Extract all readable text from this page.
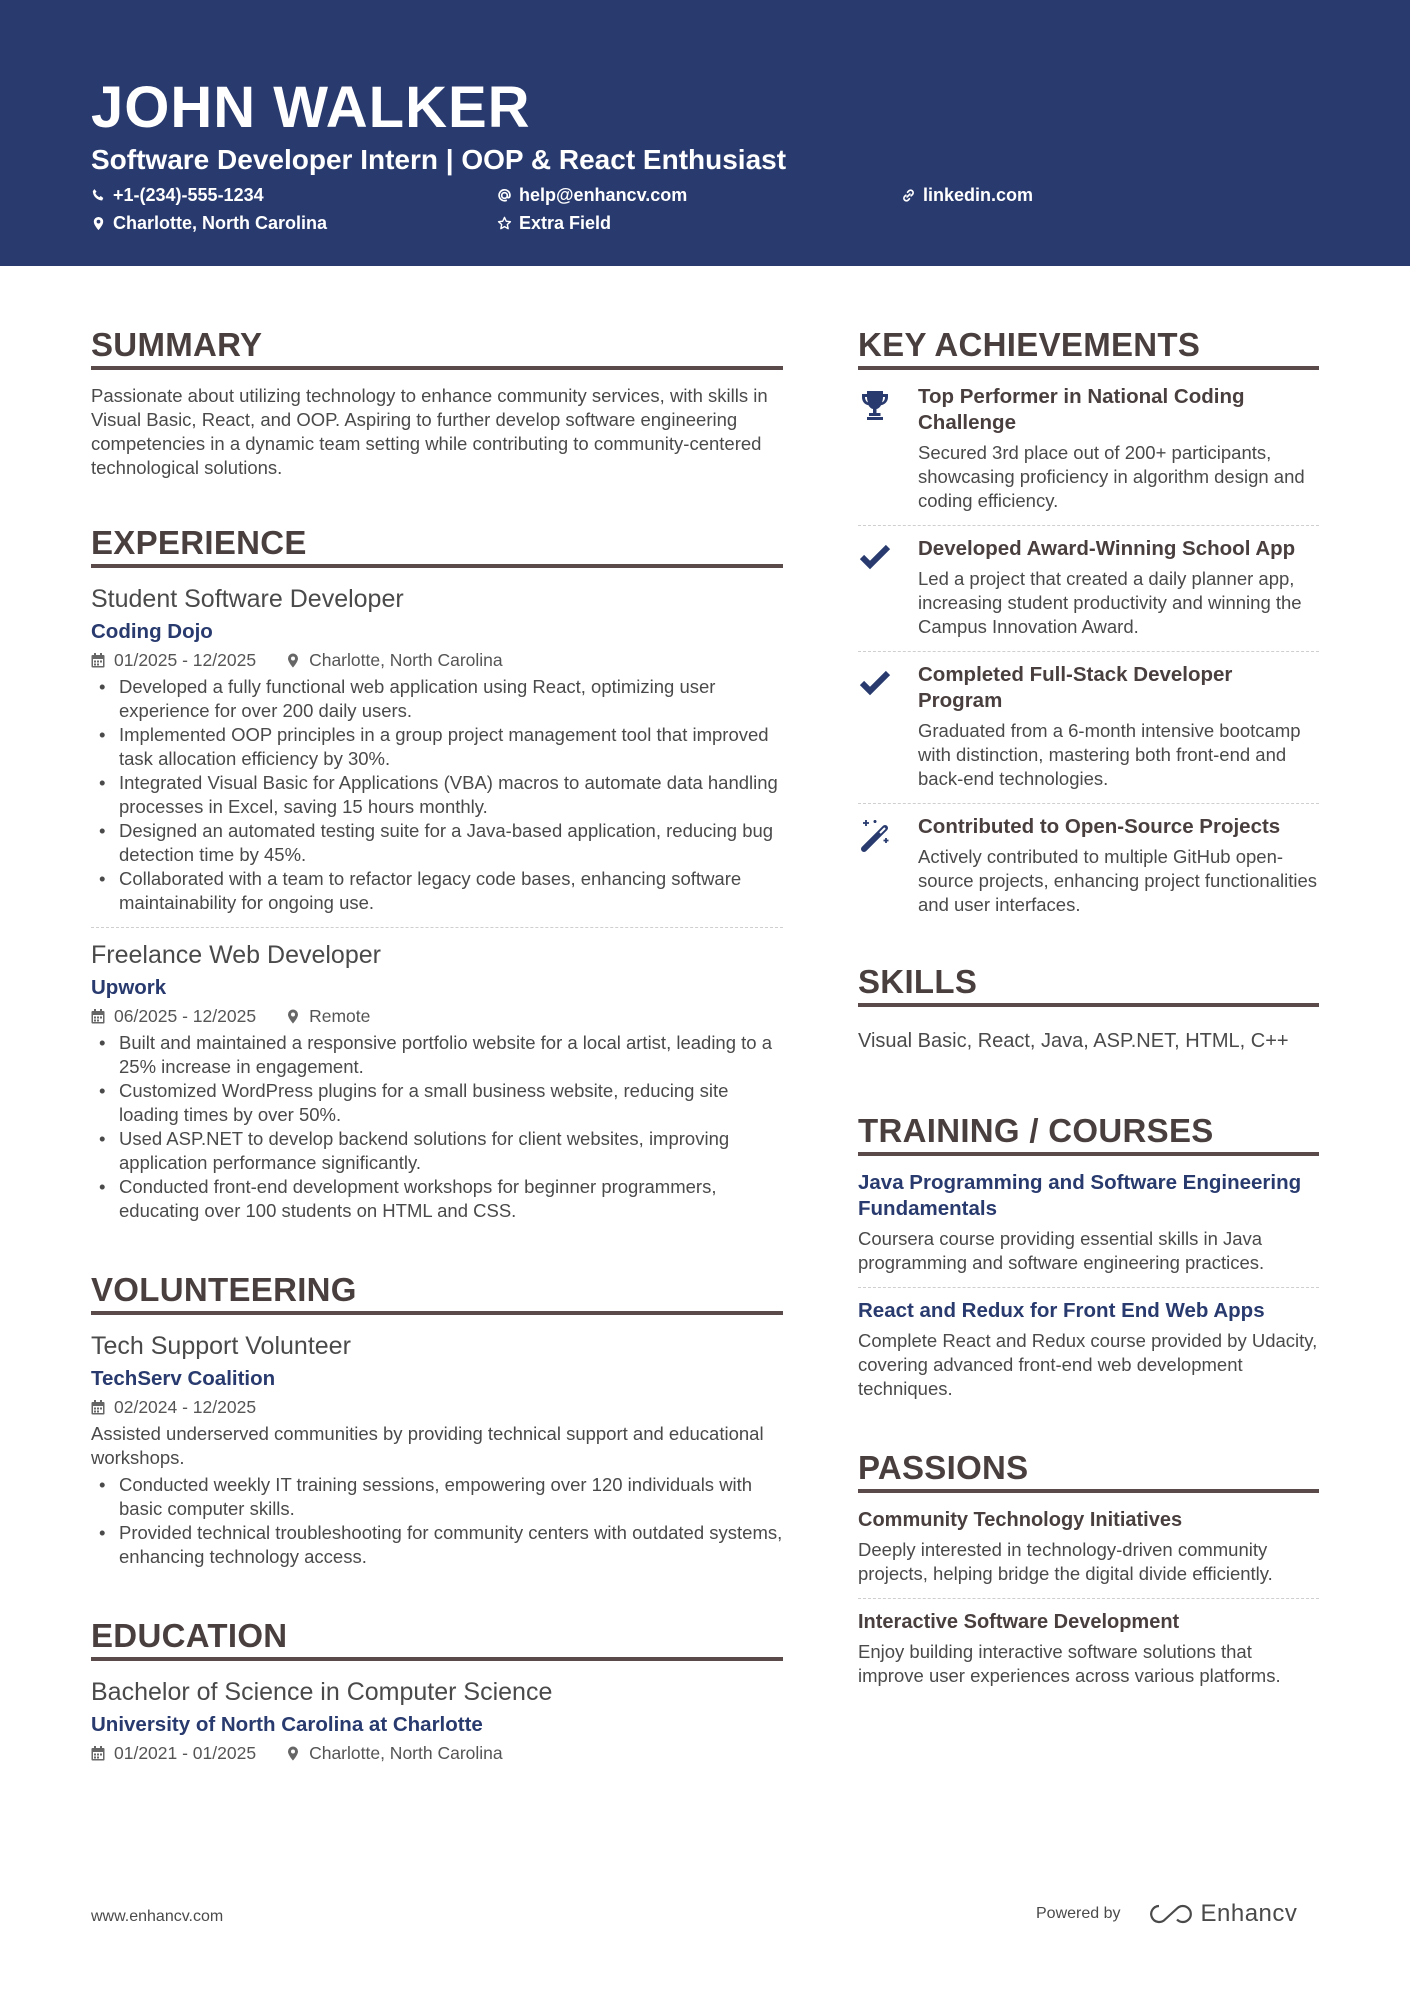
JOHN WALKER
Software Developer Intern | OOP & React Enthusiast
+1-(234)-555-1234	help@enhancv.com	linkedin.com
Charlotte, North Carolina	Extra Field
SUMMARY
Passionate about utilizing technology to enhance community services, with skills in Visual Basic, React, and OOP. Aspiring to further develop software engineering competencies in a dynamic team setting while contributing to community-centered technological solutions.
EXPERIENCE
Student Software Developer
Coding Dojo
01/2025 - 12/2025	Charlotte, North Carolina
• Developed a fully functional web application using React, optimizing user experience for over 200 daily users.
• Implemented OOP principles in a group project management tool that improved task allocation efficiency by 30%.
• Integrated Visual Basic for Applications (VBA) macros to automate data handling processes in Excel, saving 15 hours monthly.
• Designed an automated testing suite for a Java-based application, reducing bug detection time by 45%.
• Collaborated with a team to refactor legacy code bases, enhancing software maintainability for ongoing use.
Freelance Web Developer
Upwork
06/2025 - 12/2025	Remote
• Built and maintained a responsive portfolio website for a local artist, leading to a 25% increase in engagement.
• Customized WordPress plugins for a small business website, reducing site loading times by over 50%.
• Used ASP.NET to develop backend solutions for client websites, improving application performance significantly.
• Conducted front-end development workshops for beginner programmers, educating over 100 students on HTML and CSS.
VOLUNTEERING
Tech Support Volunteer
TechServ Coalition
02/2024 - 12/2025
Assisted underserved communities by providing technical support and educational workshops.
• Conducted weekly IT training sessions, empowering over 120 individuals with basic computer skills.
• Provided technical troubleshooting for community centers with outdated systems, enhancing technology access.
EDUCATION
Bachelor of Science in Computer Science
University of North Carolina at Charlotte
01/2021 - 01/2025	Charlotte, North Carolina
KEY ACHIEVEMENTS
Top Performer in National Coding Challenge
Secured 3rd place out of 200+ participants, showcasing proficiency in algorithm design and coding efficiency.
Developed Award-Winning School App
Led a project that created a daily planner app, increasing student productivity and winning the Campus Innovation Award.
Completed Full-Stack Developer Program
Graduated from a 6-month intensive bootcamp with distinction, mastering both front-end and back-end technologies.
Contributed to Open-Source Projects
Actively contributed to multiple GitHub open-source projects, enhancing project functionalities and user interfaces.
SKILLS
Visual Basic, React, Java, ASP.NET, HTML, C++
TRAINING / COURSES
Java Programming and Software Engineering Fundamentals
Coursera course providing essential skills in Java programming and software engineering practices.
React and Redux for Front End Web Apps
Complete React and Redux course provided by Udacity, covering advanced front-end web development techniques.
PASSIONS
Community Technology Initiatives
Deeply interested in technology-driven community projects, helping bridge the digital divide efficiently.
Interactive Software Development
Enjoy building interactive software solutions that improve user experiences across various platforms.
www.enhancv.com	Powered by	Enhancv
